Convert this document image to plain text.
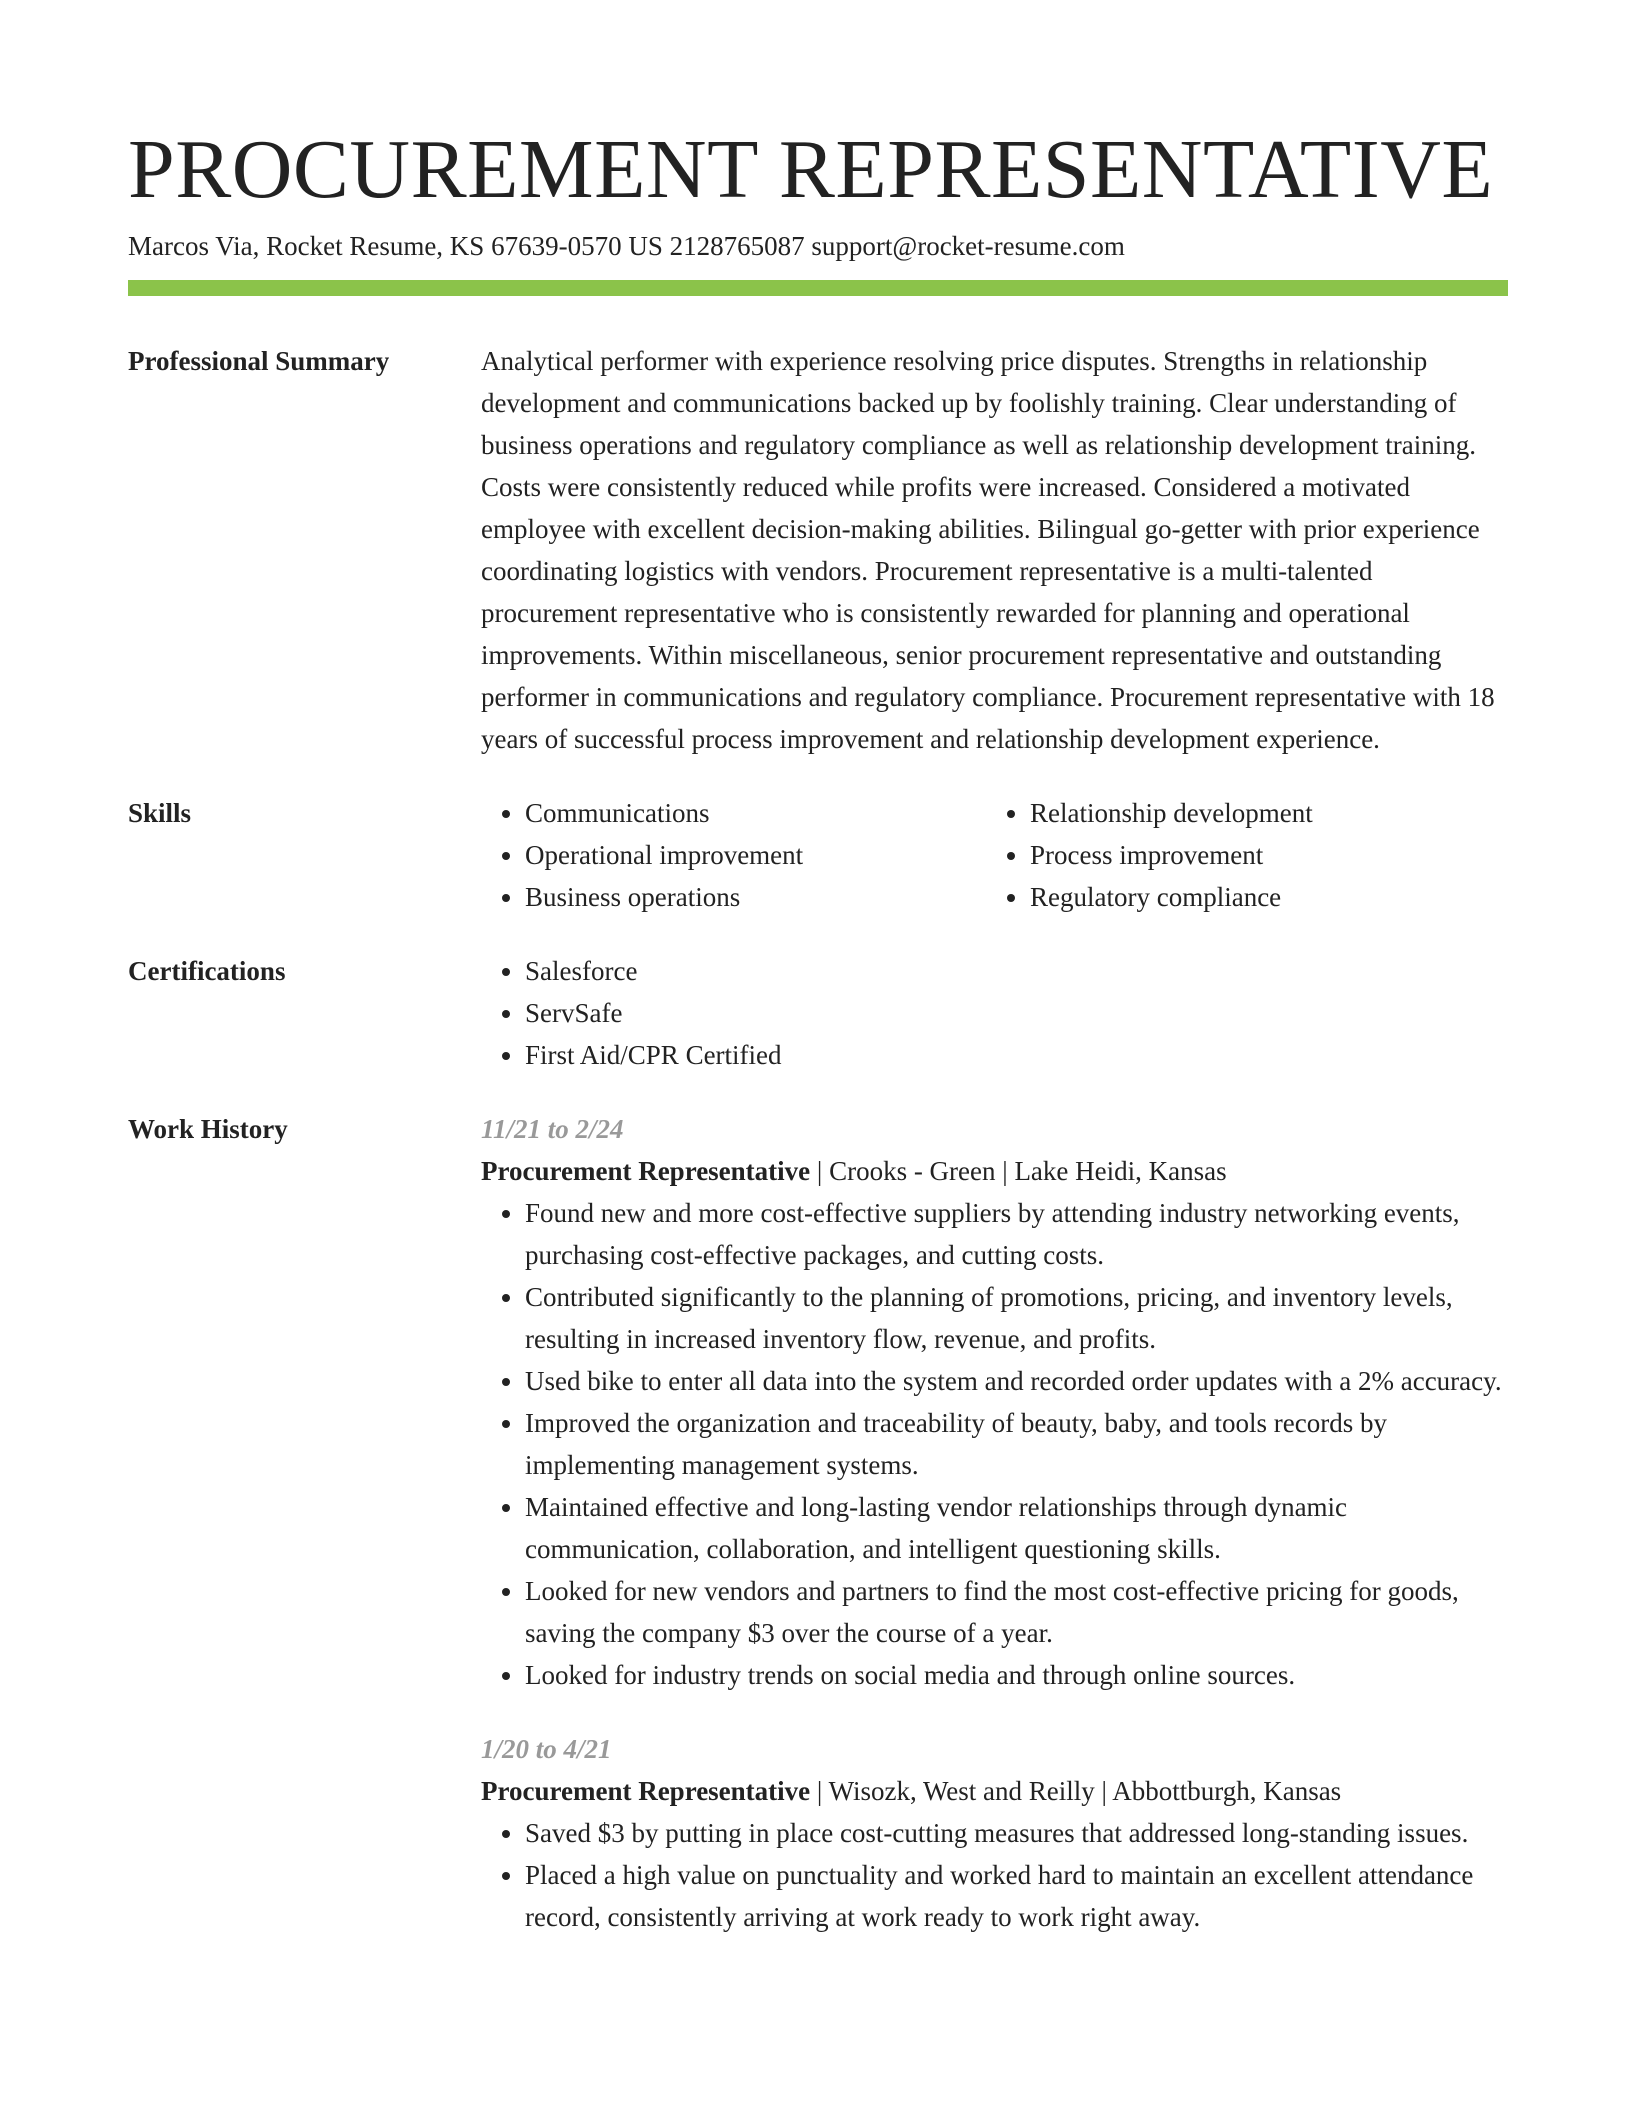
PROCUREMENT REPRESENTATIVE
Marcos Via, Rocket Resume, KS 67639-0570 US 2128765087 support@rocket-resume.com
Professional Summary	Analytical performer with experience resolving price disputes. Strengths in relationship development and communications backed up by foolishly training. Clear understanding of business operations and regulatory compliance as well as relationship development training. Costs were consistently reduced while profits were increased. Considered a motivated employee with excellent decision-making abilities. Bilingual go-getter with prior experience coordinating logistics with vendors. Procurement representative is a multi-talented procurement representative who is consistently rewarded for planning and operational improvements. Within miscellaneous, senior procurement representative and outstanding performer in communications and regulatory compliance. Procurement representative with 18 years of successful process improvement and relationship development experience.
Skills	• Communications
• Operational improvement
• Business operations
• Relationship development
• Process improvement
• Regulatory compliance
Certifications	• Salesforce
• ServSafe
• First Aid/CPR Certified
Work History	11/21 to 2/24
Procurement Representative | Crooks - Green | Lake Heidi, Kansas
• Found new and more cost-effective suppliers by attending industry networking events, purchasing cost-effective packages, and cutting costs.
• Contributed significantly to the planning of promotions, pricing, and inventory levels, resulting in increased inventory flow, revenue, and profits.
• Used bike to enter all data into the system and recorded order updates with a 2% accuracy.
• Improved the organization and traceability of beauty, baby, and tools records by implementing management systems.
• Maintained effective and long-lasting vendor relationships through dynamic communication, collaboration, and intelligent questioning skills.
• Looked for new vendors and partners to find the most cost-effective pricing for goods, saving the company $3 over the course of a year.
• Looked for industry trends on social media and through online sources.
1/20 to 4/21
Procurement Representative | Wisozk, West and Reilly | Abbottburgh, Kansas
• Saved $3 by putting in place cost-cutting measures that addressed long-standing issues.
• Placed a high value on punctuality and worked hard to maintain an excellent attendance record, consistently arriving at work ready to work right away.
